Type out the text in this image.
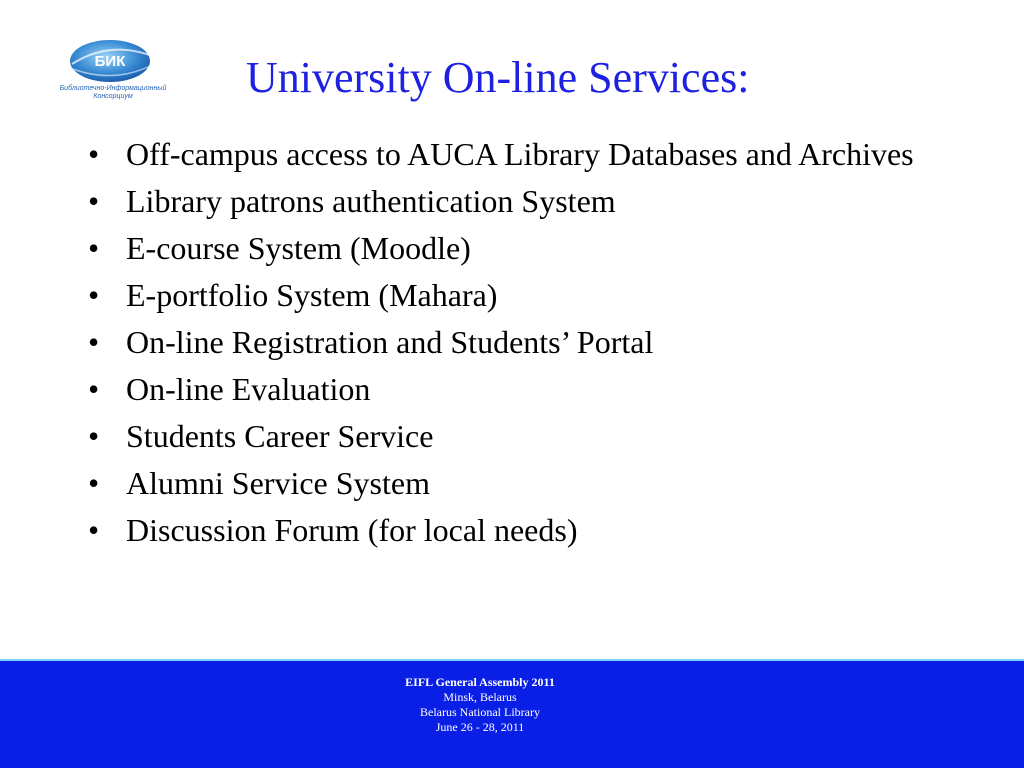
БИК
Библиотечно-Информационный
Консорциум	University On-line Services:
• Off-campus access to AUCA Library Databases and Archives
• Library patrons authentication System
• E-course System (Moodle)
• E-portfolio System (Mahara)
• On-line Registration and Students’ Portal
• On-line Evaluation
• Students Career Service
• Alumni Service System
• Discussion Forum (for local needs)
EIFL General Assembly 2011
Minsk, Belarus
Belarus National Library
June 26 - 28, 2011
